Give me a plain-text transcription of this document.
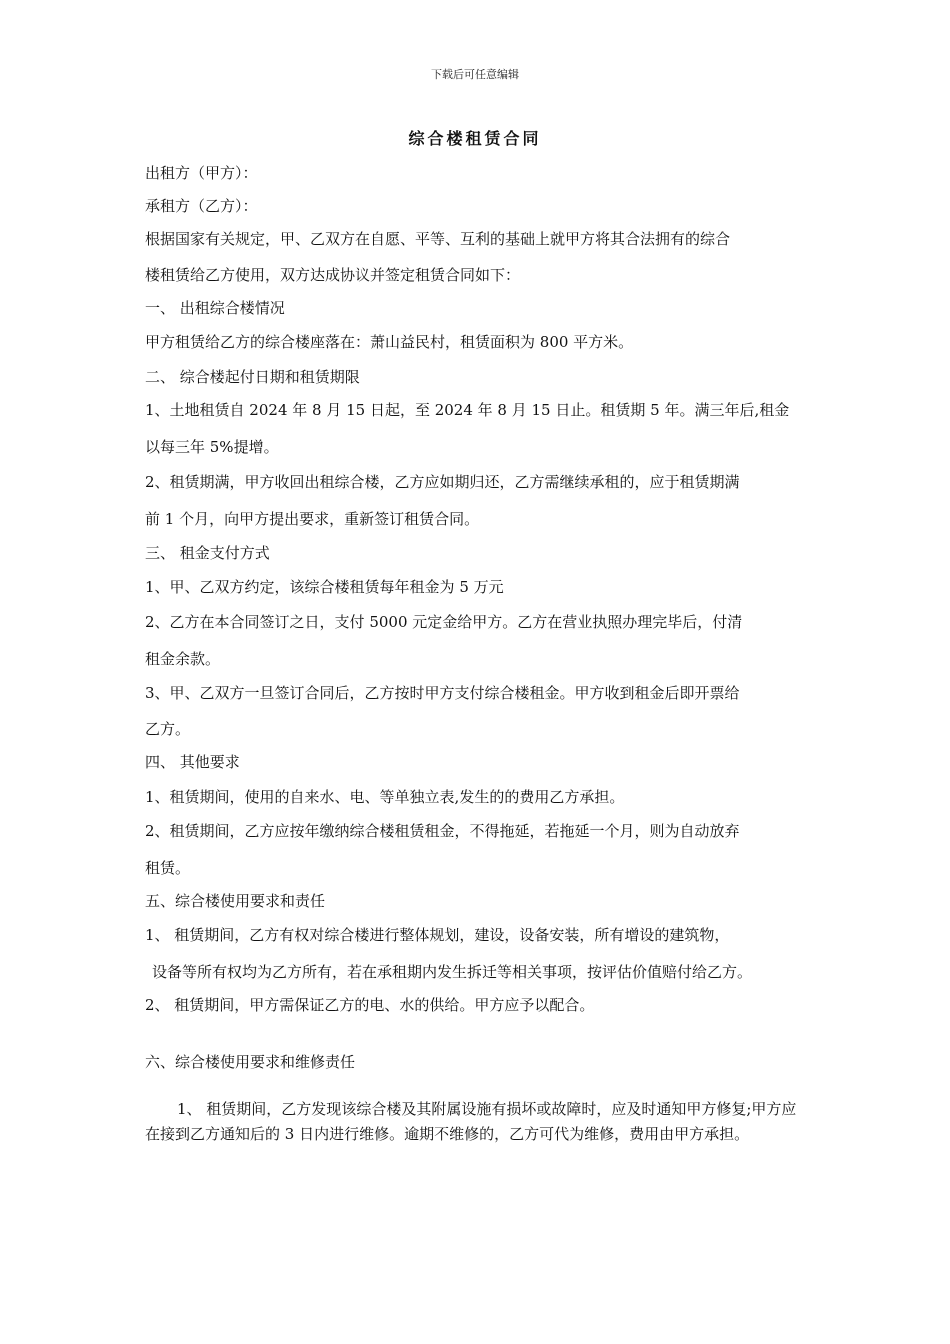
下载后可任意编辑
综合楼租赁合同
出租方（甲方）：
承租方（乙方）：
根据国家有关规定，甲、乙双方在自愿、平等、互利的基础上就甲方将其合法拥有的综合
楼租赁给乙方使用，双方达成协议并签定租赁合同如下：
一、 出租综合楼情况
甲方租赁给乙方的综合楼座落在：萧山益民村，租赁面积为 800 平方米。
二、 综合楼起付日期和租赁期限
1、土地租赁自 2024 年 8 月 15 日起，至 2024 年 8 月 15 日止。租赁期 5 年。满三年后,租金
以每三年 5%提增。
2、租赁期满，甲方收回出租综合楼，乙方应如期归还，乙方需继续承租的，应于租赁期满
前 1 个月，向甲方提出要求，重新签订租赁合同。
三、 租金支付方式
1、甲、乙双方约定，该综合楼租赁每年租金为 5 万元
2、乙方在本合同签订之日，支付 5000 元定金给甲方。乙方在营业执照办理完毕后，付清
租金余款。
3、甲、乙双方一旦签订合同后，乙方按时甲方支付综合楼租金。甲方收到租金后即开票给
乙方。
四、 其他要求
1、租赁期间，使用的自来水、电、等单独立表,发生的的费用乙方承担。
2、租赁期间，乙方应按年缴纳综合楼租赁租金，不得拖延，若拖延一个月，则为自动放弃
租赁。
五、综合楼使用要求和责任
1、 租赁期间，乙方有权对综合楼进行整体规划，建设，设备安装，所有增设的建筑物，
设备等所有权均为乙方所有，若在承租期内发生拆迁等相关事项，按评估价值赔付给乙方。
2、 租赁期间，甲方需保证乙方的电、水的供给。甲方应予以配合。
六、综合楼使用要求和维修责任
1、 租赁期间，乙方发现该综合楼及其附属设施有损坏或故障时，应及时通知甲方修复;甲方应在接到乙方通知后的 3 日内进行维修。逾期不维修的，乙方可代为维修，费用由甲方承担。
